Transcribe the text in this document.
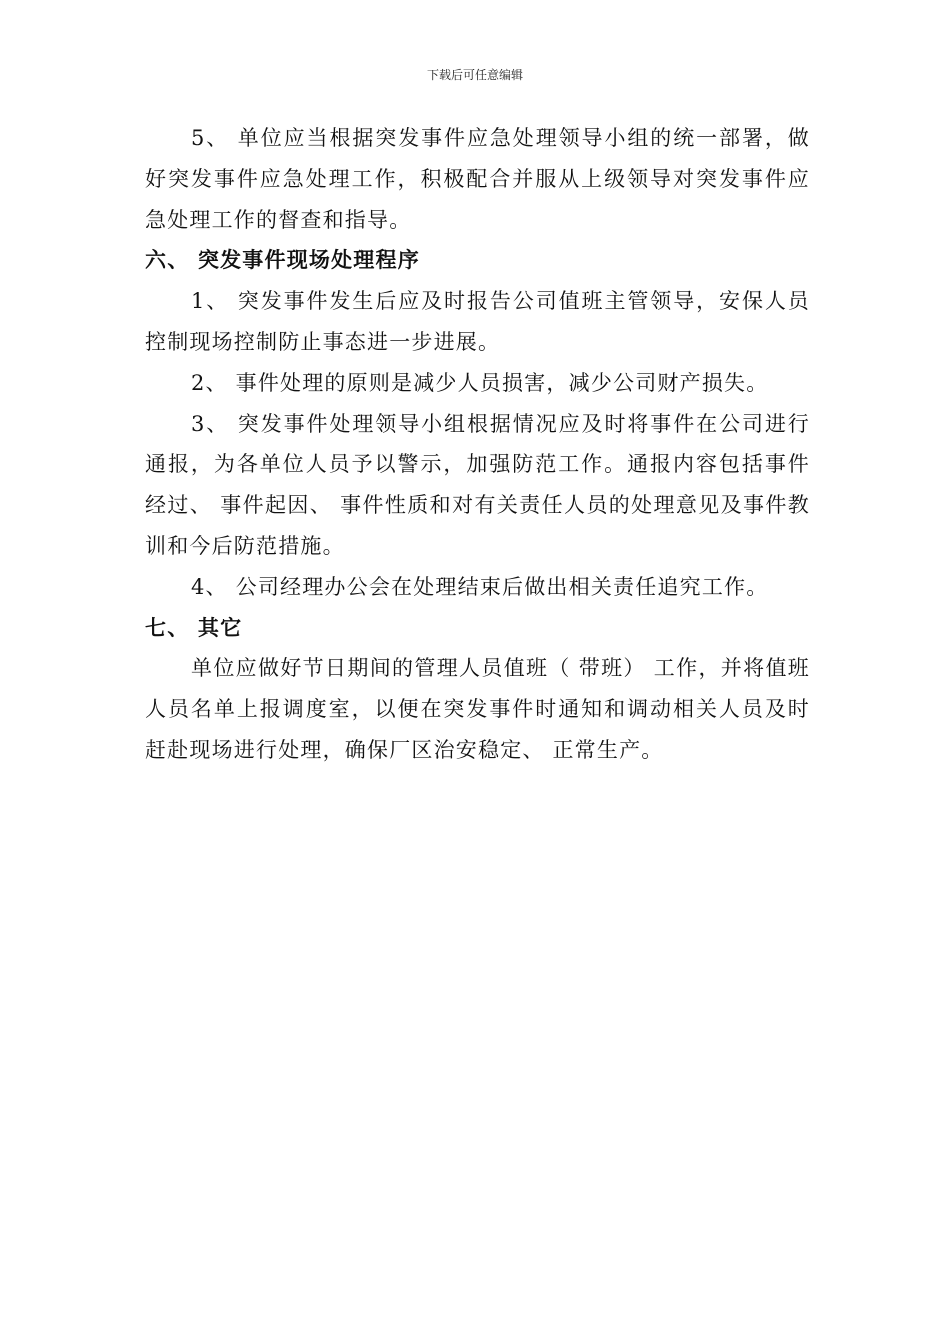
下载后可任意编辑

5、 单位应当根据突发事件应急处理领导小组的统一部署，做好突发事件应急处理工作，积极配合并服从上级领导对突发事件应急处理工作的督查和指导。

六、 突发事件现场处理程序

1、 突发事件发生后应及时报告公司值班主管领导，安保人员控制现场控制防止事态进一步进展。

2、 事件处理的原则是减少人员损害，减少公司财产损失。

3、 突发事件处理领导小组根据情况应及时将事件在公司进行通报，为各单位人员予以警示，加强防范工作。通报内容包括事件经过、 事件起因、 事件性质和对有关责任人员的处理意见及事件教训和今后防范措施。

4、 公司经理办公会在处理结束后做出相关责任追究工作。

七、 其它

单位应做好节日期间的管理人员值班（ 带班） 工作，并将值班人员名单上报调度室，以便在突发事件时通知和调动相关人员及时赶赴现场进行处理，确保厂区治安稳定、 正常生产。
